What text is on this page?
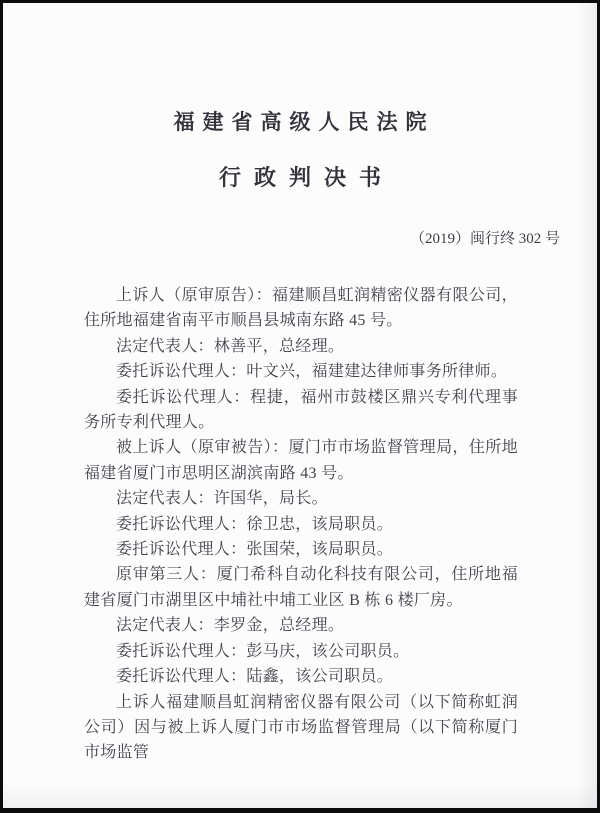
福建省高级人民法院
行政判决书
（2019）闽行终 302 号

上诉人（原审原告）：福建顺昌虹润精密仪器有限公司，住所地福建省南平市顺昌县城南东路 45 号。

法定代表人：林善平，总经理。

委托诉讼代理人：叶文兴，福建建达律师事务所律师。

委托诉讼代理人：程捷，福州市鼓楼区鼎兴专利代理事务所专利代理人。

被上诉人（原审被告）：厦门市市场监督管理局，住所地福建省厦门市思明区湖滨南路 43 号。

法定代表人：许国华，局长。

委托诉讼代理人：徐卫忠，该局职员。

委托诉讼代理人：张国荣，该局职员。

原审第三人：厦门希科自动化科技有限公司，住所地福建省厦门市湖里区中埔社中埔工业区 B 栋 6 楼厂房。

法定代表人：李罗金，总经理。

委托诉讼代理人：彭马庆，该公司职员。

委托诉讼代理人：陆鑫，该公司职员。

上诉人福建顺昌虹润精密仪器有限公司（以下简称虹润公司）因与被上诉人厦门市市场监督管理局（以下简称厦门市场监管
